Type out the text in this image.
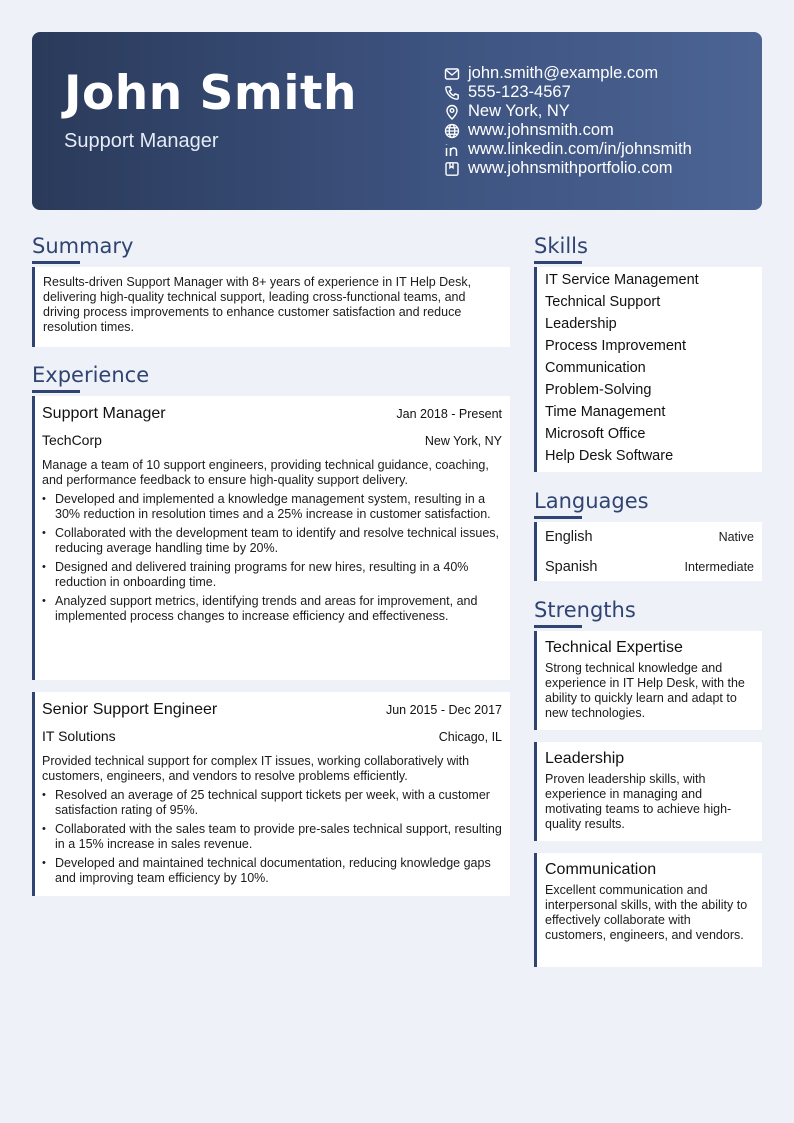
John Smith
Support Manager
john.smith@example.com
555-123-4567
New York, NY
www.johnsmith.com
www.linkedin.com/in/johnsmith
www.johnsmithportfolio.com
Summary
Results-driven Support Manager with 8+ years of experience in IT Help Desk, delivering high-quality technical support, leading cross-functional teams, and driving process improvements to enhance customer satisfaction and reduce resolution times.
Experience
Support Manager	Jan 2018 - Present
TechCorp	New York, NY
Manage a team of 10 support engineers, providing technical guidance, coaching, and performance feedback to ensure high-quality support delivery.
• Developed and implemented a knowledge management system, resulting in a 30% reduction in resolution times and a 25% increase in customer satisfaction.
• Collaborated with the development team to identify and resolve technical issues, reducing average handling time by 20%.
• Designed and delivered training programs for new hires, resulting in a 40% reduction in onboarding time.
• Analyzed support metrics, identifying trends and areas for improvement, and implemented process changes to increase efficiency and effectiveness.
Senior Support Engineer	Jun 2015 - Dec 2017
IT Solutions	Chicago, IL
Provided technical support for complex IT issues, working collaboratively with customers, engineers, and vendors to resolve problems efficiently.
• Resolved an average of 25 technical support tickets per week, with a customer satisfaction rating of 95%.
• Collaborated with the sales team to provide pre-sales technical support, resulting in a 15% increase in sales revenue.
• Developed and maintained technical documentation, reducing knowledge gaps and improving team efficiency by 10%.
Skills
IT Service Management
Technical Support
Leadership
Process Improvement
Communication
Problem-Solving
Time Management
Microsoft Office
Help Desk Software
Languages
English	Native
Spanish	Intermediate
Strengths
Technical Expertise
Strong technical knowledge and experience in IT Help Desk, with the ability to quickly learn and adapt to new technologies.
Leadership
Proven leadership skills, with experience in managing and motivating teams to achieve high-quality results.
Communication
Excellent communication and interpersonal skills, with the ability to effectively collaborate with customers, engineers, and vendors.
